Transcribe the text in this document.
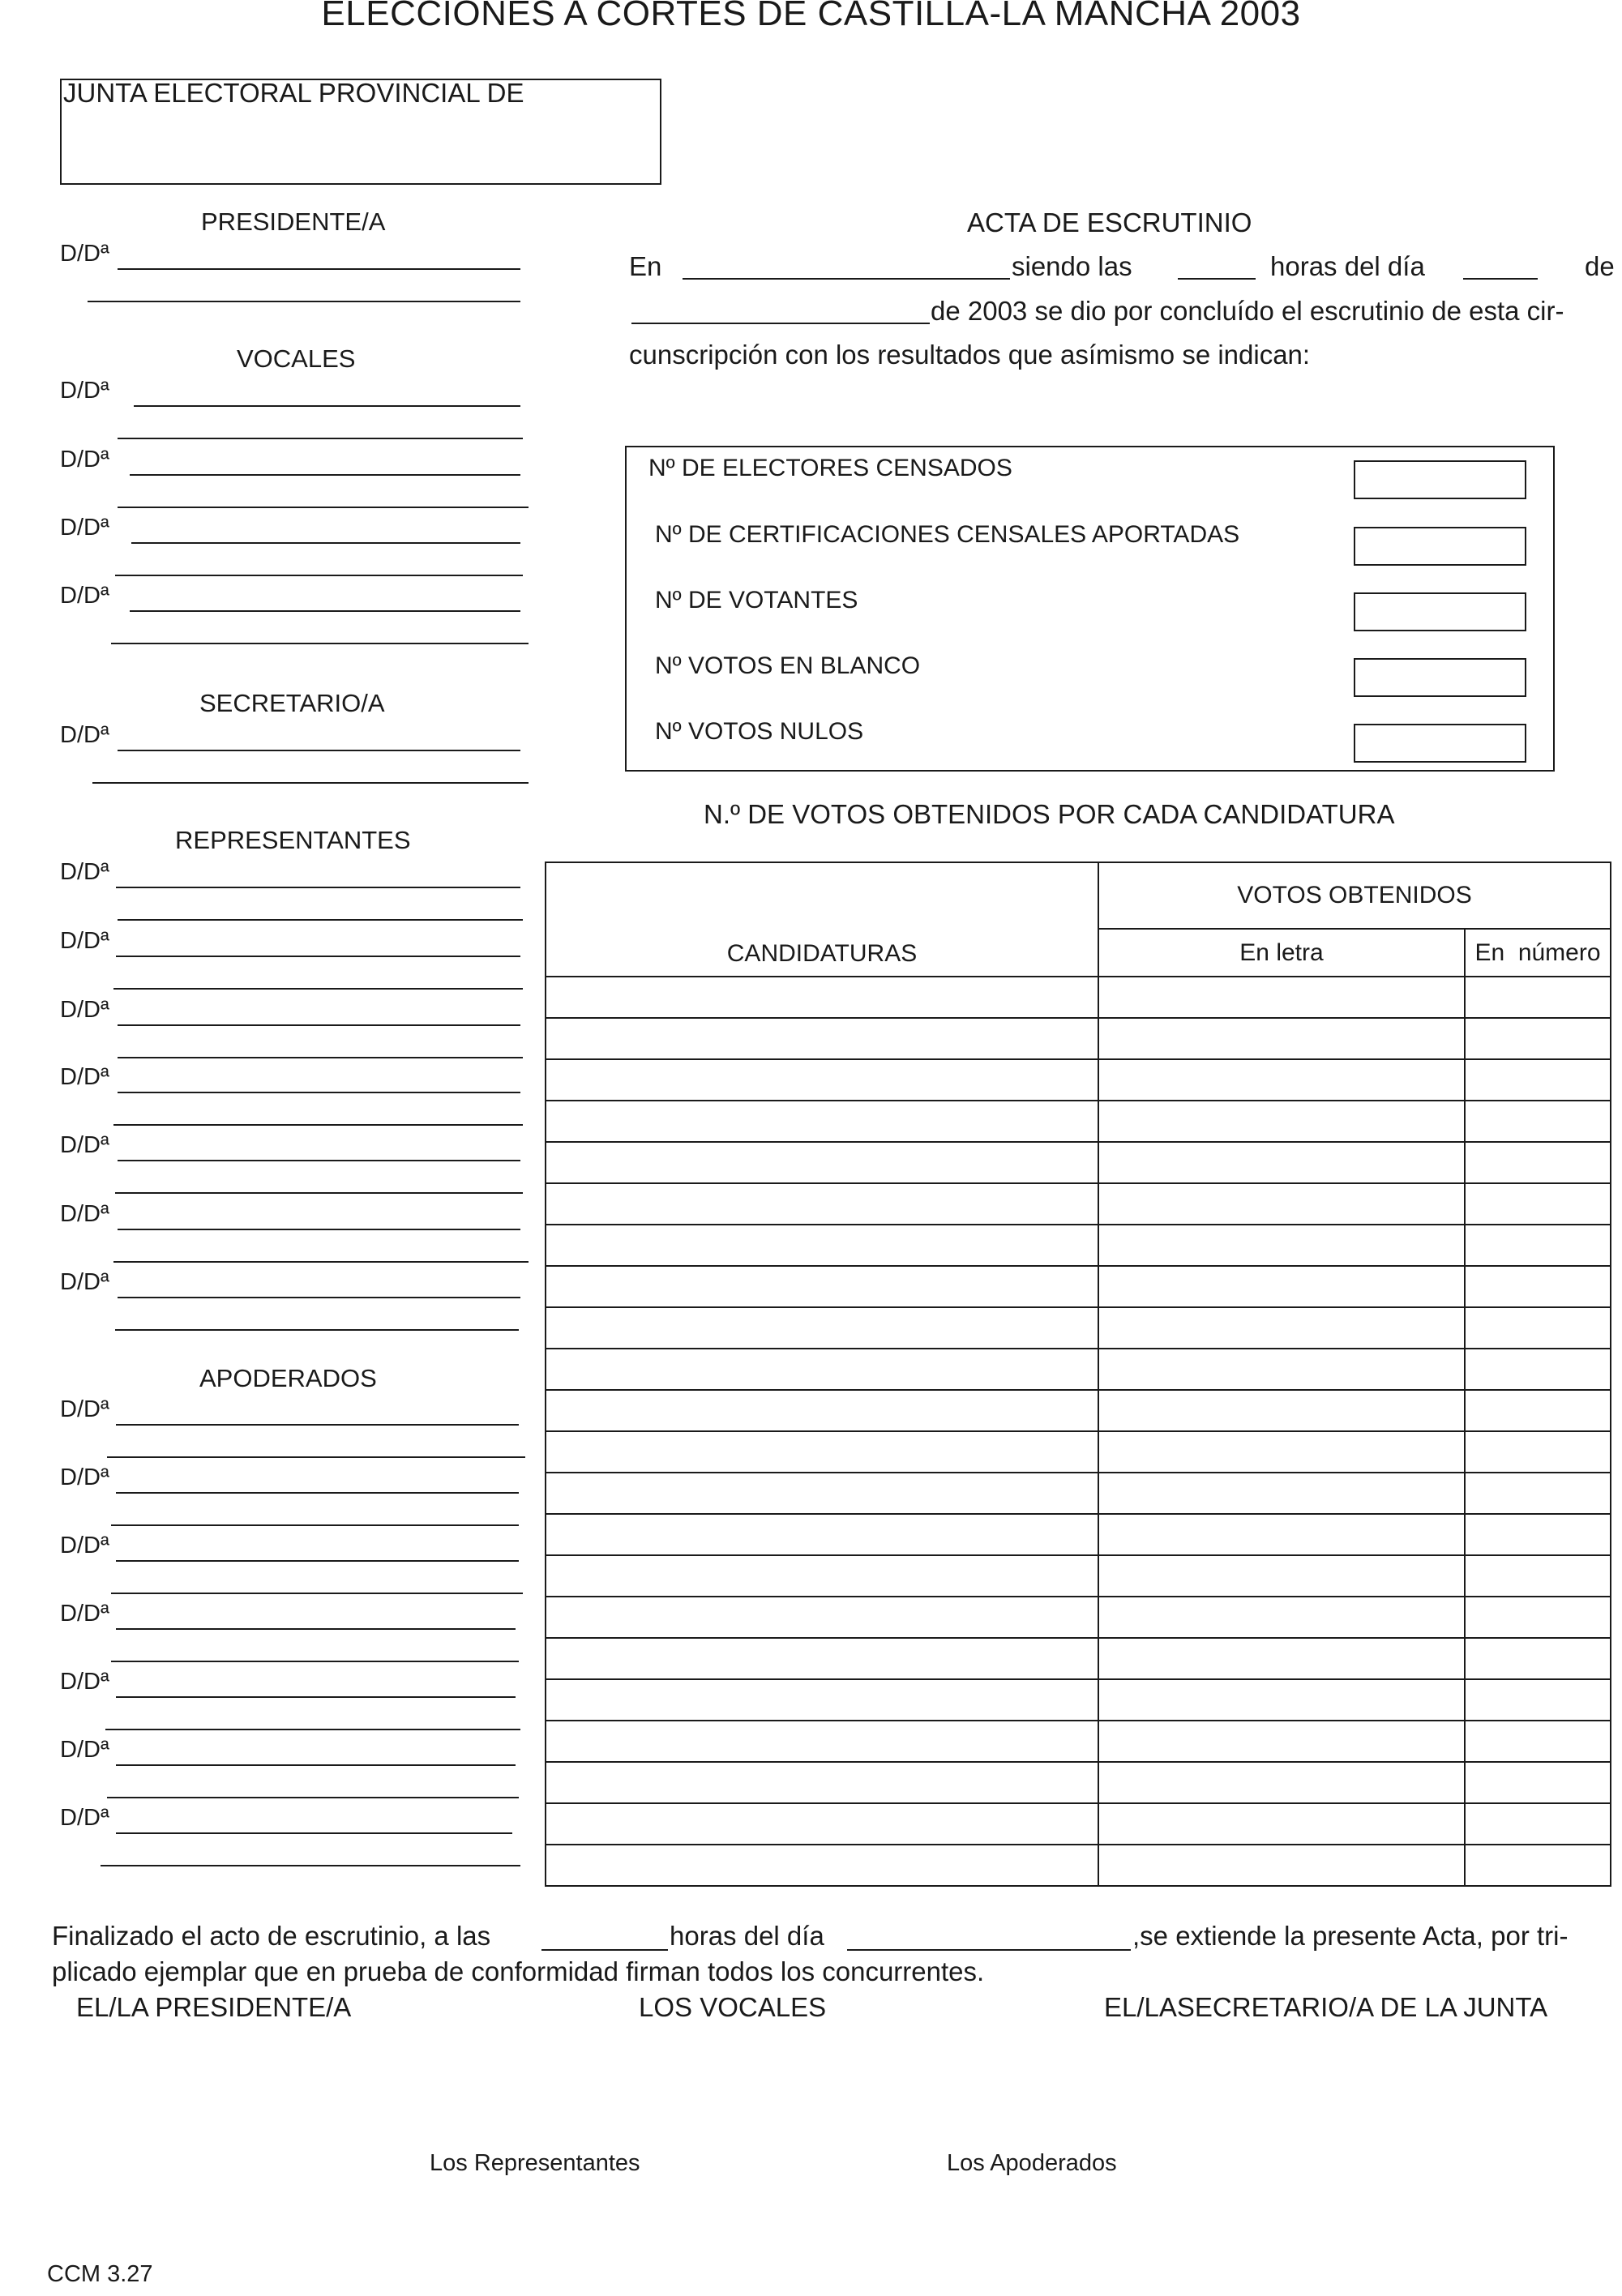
ELECCIONES A CORTES DE CASTILLA-LA MANCHA 2003
JUNTA ELECTORAL PROVINCIAL DE
PRESIDENTE/A
VOCALES
SECRETARIO/A
REPRESENTANTES
APODERADOS
D/Dª
D/Dª
D/Dª
D/Dª
D/Dª
D/Dª
D/Dª
D/Dª
D/Dª
D/Dª
D/Dª
D/Dª
D/Dª
D/Dª
D/Dª
D/Dª
D/Dª
D/Dª
D/Dª
D/Dª
ACTA DE ESCRUTINIO
En	siendo las	horas del día	de
de 2003 se dio por concluído el escrutinio de esta cir-
cunscripción con los resultados que asímismo se indican:
Nº DE ELECTORES CENSADOS
Nº DE CERTIFICACIONES CENSALES APORTADAS
Nº DE VOTANTES
Nº VOTOS EN BLANCO
Nº VOTOS NULOS
N.º DE VOTOS OBTENIDOS POR CADA CANDIDATURA
CANDIDATURAS	VOTOS OBTENIDOS	
	En letra	En  número

Finalizado el acto de escrutinio, a las	horas del día	,se extiende la presente Acta, por tri-
plicado ejemplar que en prueba de conformidad firman todos los concurrentes.
EL/LA PRESIDENTE/A	LOS VOCALES	EL/LASECRETARIO/A DE LA JUNTA
Los Representantes	Los Apoderados
CCM 3.27
